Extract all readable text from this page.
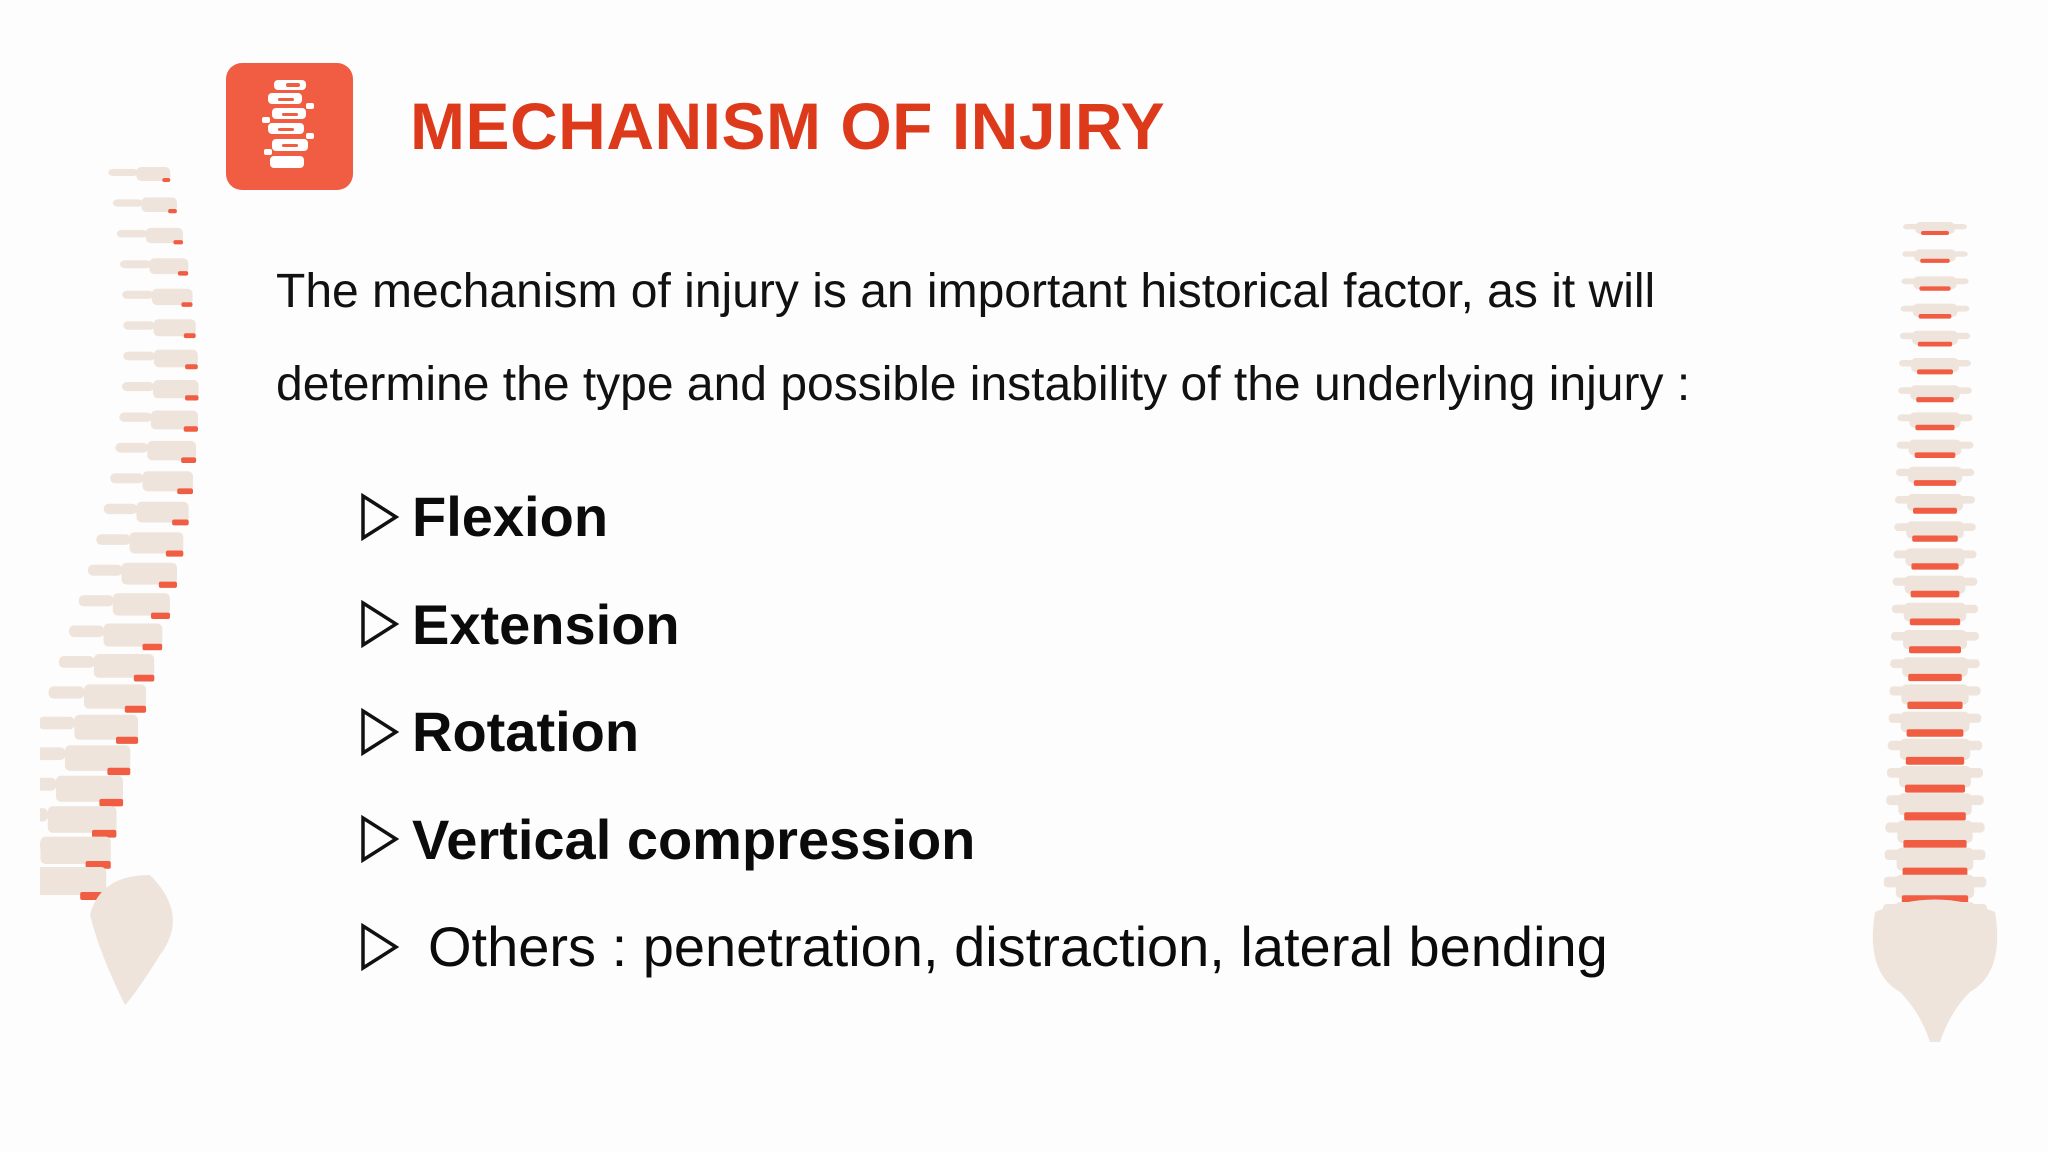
MECHANISM OF INJIRY

The mechanism of injury is an important historical factor, as it will

determine the type and possible instability of the underlying injury :

Flexion
Extension
Rotation
Vertical compression
Others : penetration, distraction, lateral bending
